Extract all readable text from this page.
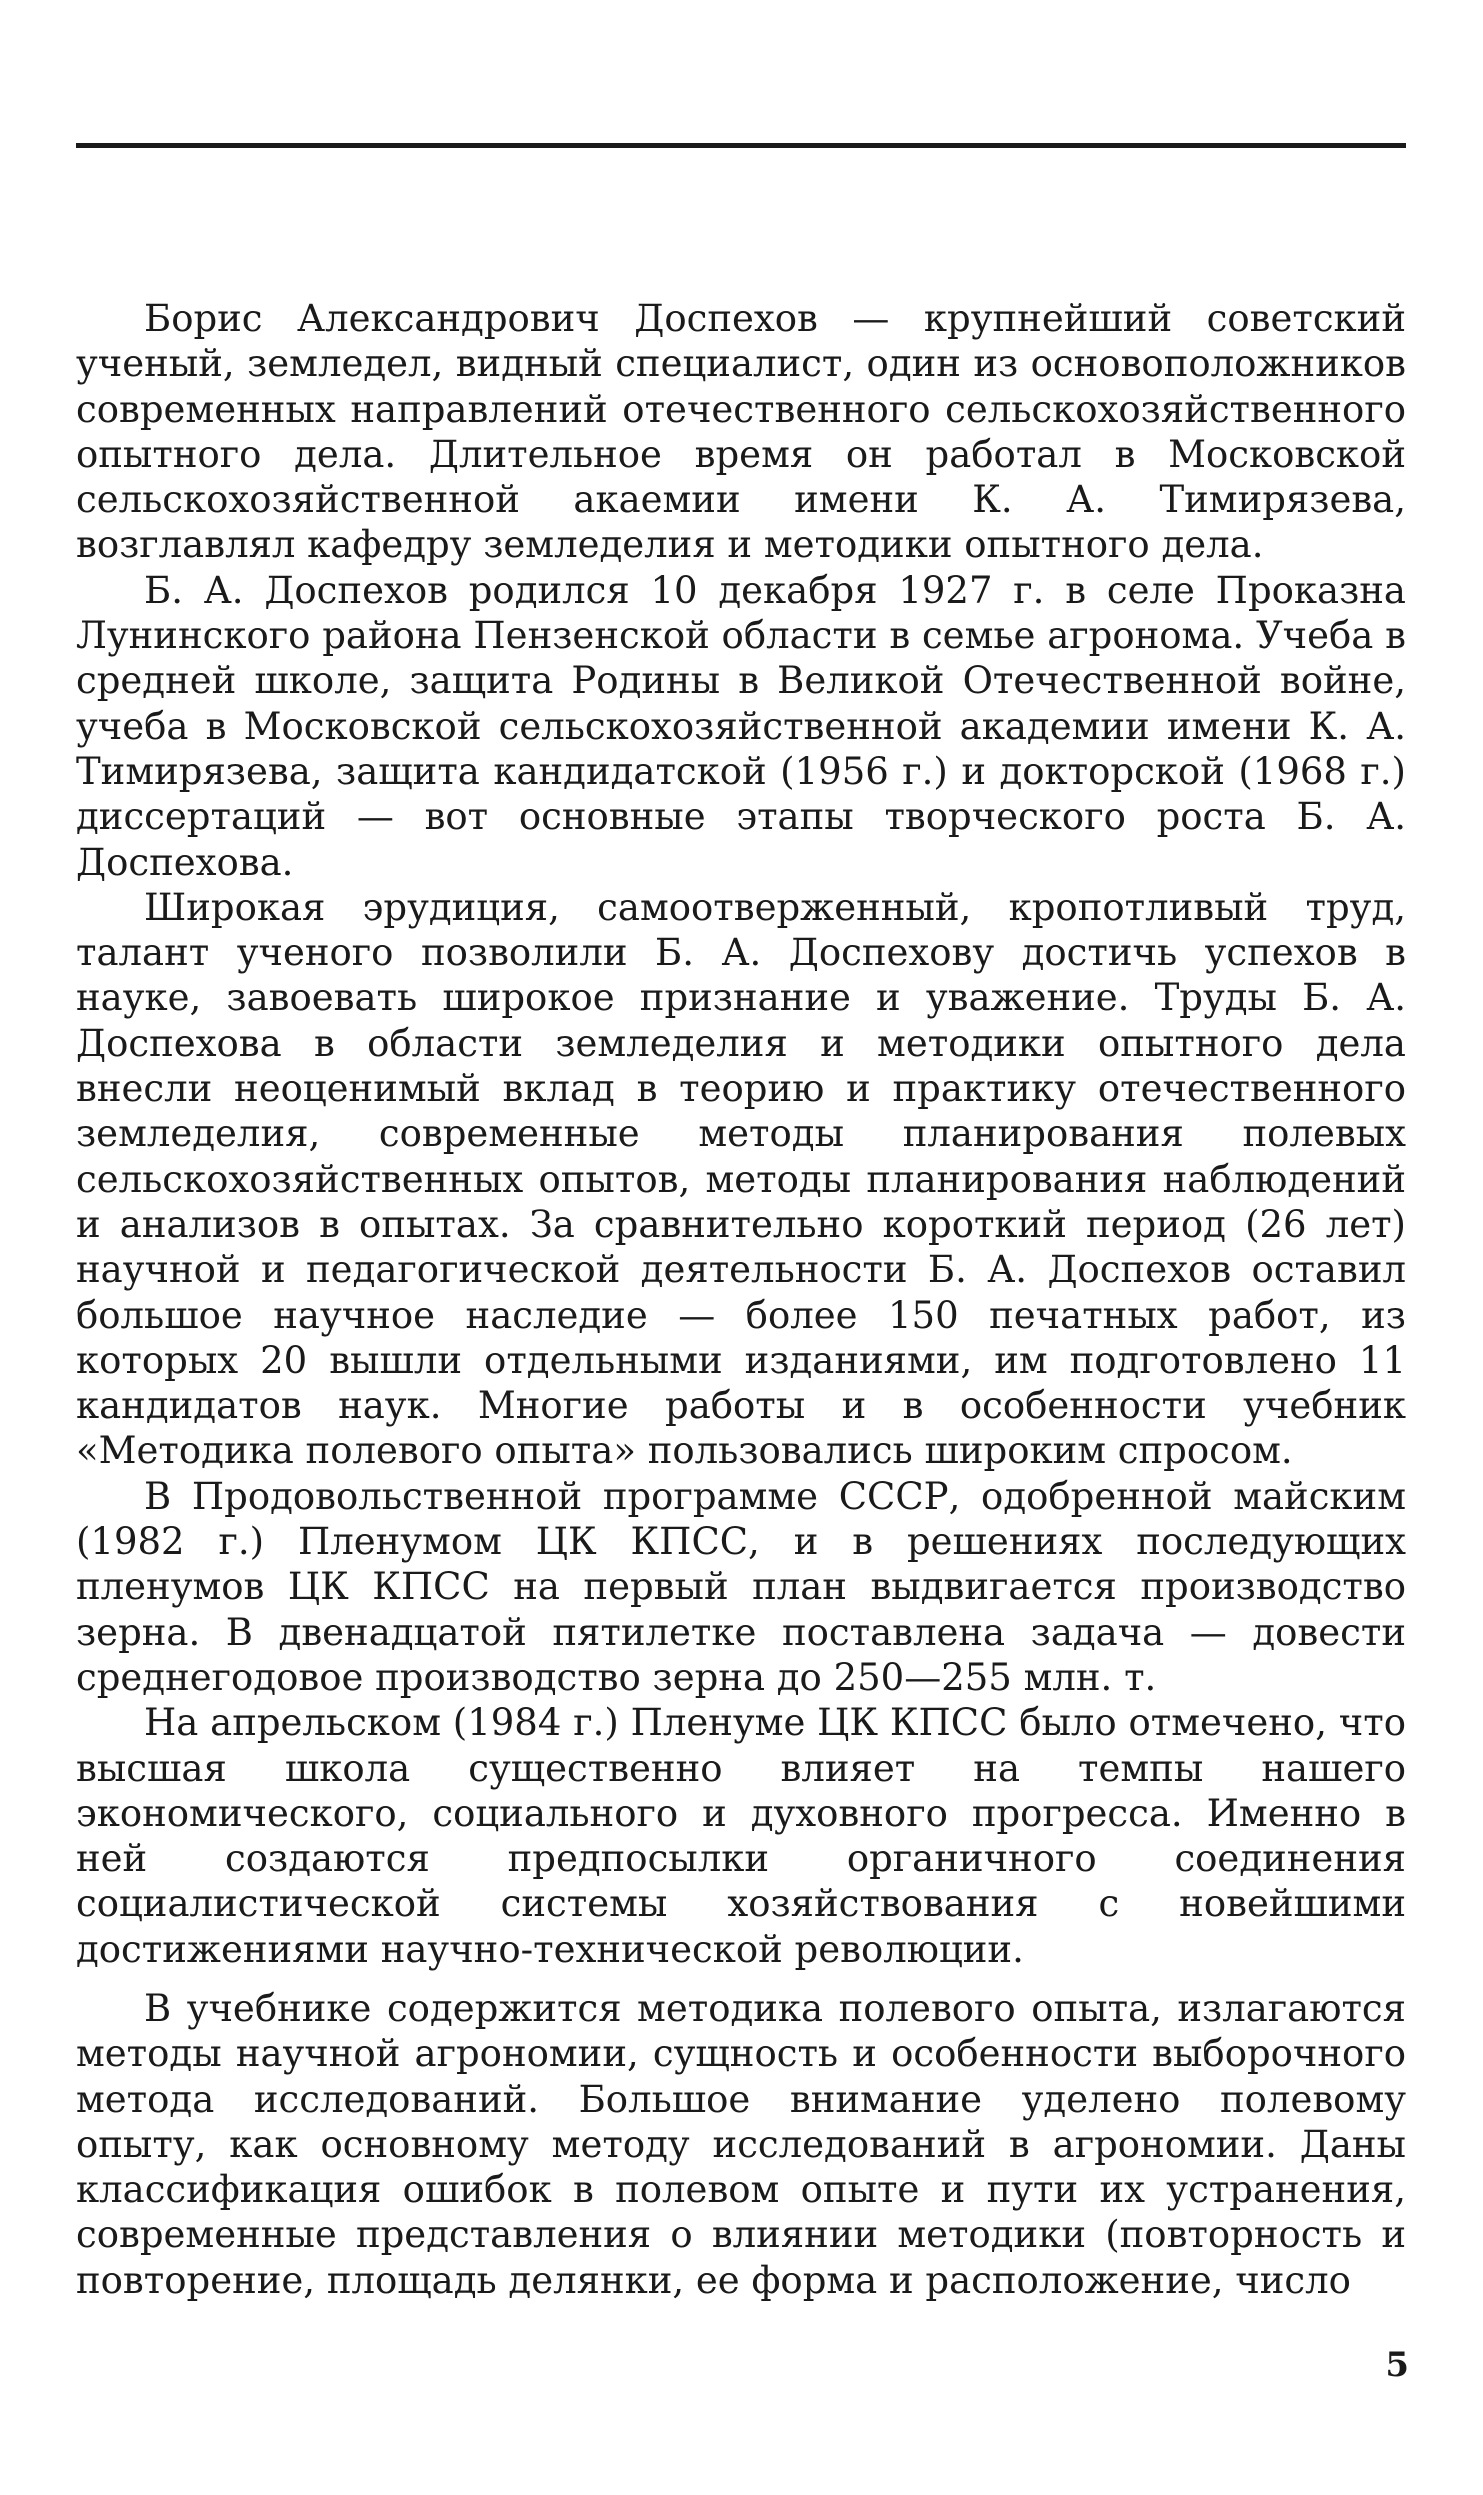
Борис Александрович Доспехов — крупнейший советский ученый, земледел, видный специалист, один из основоположников современных направлений отечественного сельскохозяйственного опытного дела. Длительное время он работал в Московской сельскохозяйственной акаемии имени К. А. Тимирязева, возглавлял кафедру земледелия и методики опытного дела.

Б. А. Доспехов родился 10 декабря 1927 г. в селе Проказна Лунинского района Пензенской области в семье агронома. Учеба в средней школе, защита Родины в Великой Отечественной войне, учеба в Московской сельскохозяйственной академии имени К. А. Тимирязева, защита кандидатской (1956 г.) и докторской (1968 г.) диссертаций — вот основные этапы творческого роста Б. А. Доспехова.

Широкая эрудиция, самоотверженный, кропотливый труд, талант ученого позволили Б. А. Доспехову достичь успехов в науке, завоевать широкое признание и уважение. Труды Б. А. Доспехова в области земледелия и методики опытного дела внесли неоценимый вклад в теорию и практику отечественного земледелия, современные методы планирования полевых сельскохозяйственных опытов, методы планирования наблюдений и анализов в опытах. За сравнительно короткий период (26 лет) научной и педагогической деятельности Б. А. Доспехов оставил большое научное наследие — более 150 печатных работ, из которых 20 вышли отдельными изданиями, им подготовлено 11 кандидатов наук. Многие работы и в особенности учебник «Методика полевого опыта» пользовались широким спросом.

В Продовольственной программе СССР, одобренной майским (1982 г.) Пленумом ЦК КПСС, и в решениях последующих пленумов ЦК КПСС на первый план выдвигается производство зерна. В двенадцатой пятилетке поставлена задача — довести среднегодовое производство зерна до 250—255 млн. т.

На апрельском (1984 г.) Пленуме ЦК КПСС было отмечено, что высшая школа существенно влияет на темпы нашего экономического, социального и духовного прогресса. Именно в ней создаются предпосылки органичного соединения социалистической системы хозяйствования с новейшими достижениями научно-технической революции.

В учебнике содержится методика полевого опыта, излагаются методы научной агрономии, сущность и особенности выборочного метода исследований. Большое внимание уделено полевому опыту, как основному методу исследований в агрономии. Даны классификация ошибок в полевом опыте и пути их устранения, современные представления о влиянии методики (повторность и повторение, площадь делянки, ее форма и расположение, число

5
